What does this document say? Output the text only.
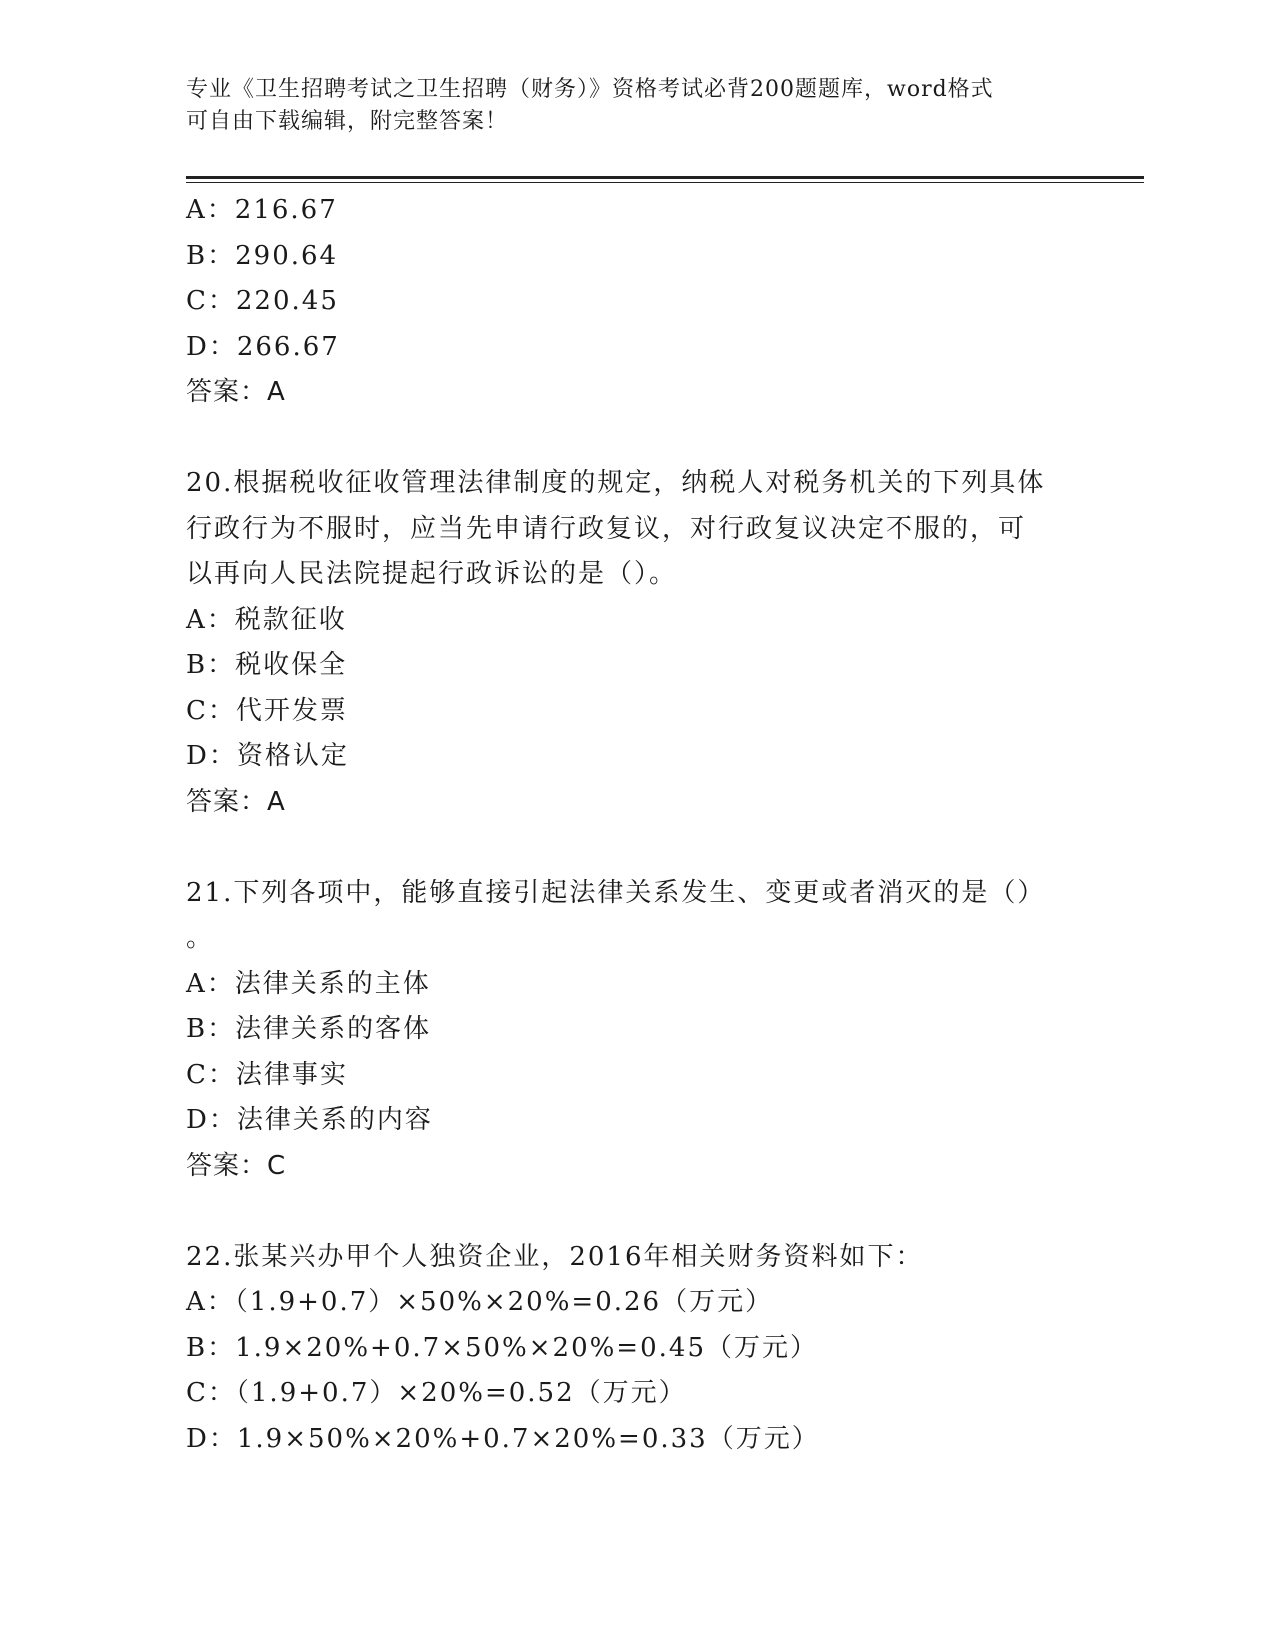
专业《卫生招聘考试之卫生招聘（财务）》资格考试必背200题题库，word格式
可自由下载编辑，附完整答案！
A：216.67
B：290.64
C：220.45
D：266.67
答案：A
20.根据税收征收管理法律制度的规定，纳税人对税务机关的下列具体
行政行为不服时，应当先申请行政复议，对行政复议决定不服的，可
以再向人民法院提起行政诉讼的是（）。
A：税款征收
B：税收保全
C：代开发票
D：资格认定
答案：A
21.下列各项中，能够直接引起法律关系发生、变更或者消灭的是（）
。
A：法律关系的主体
B：法律关系的客体
C：法律事实
D：法律关系的内容
答案：C
22.张某兴办甲个人独资企业，2016年相关财务资料如下：
A：（1.9+0.7）×50%×20%=0.26（万元）
B：1.9×20%+0.7×50%×20%=0.45（万元）
C：（1.9+0.7）×20%=0.52（万元）
D：1.9×50%×20%+0.7×20%=0.33（万元）
